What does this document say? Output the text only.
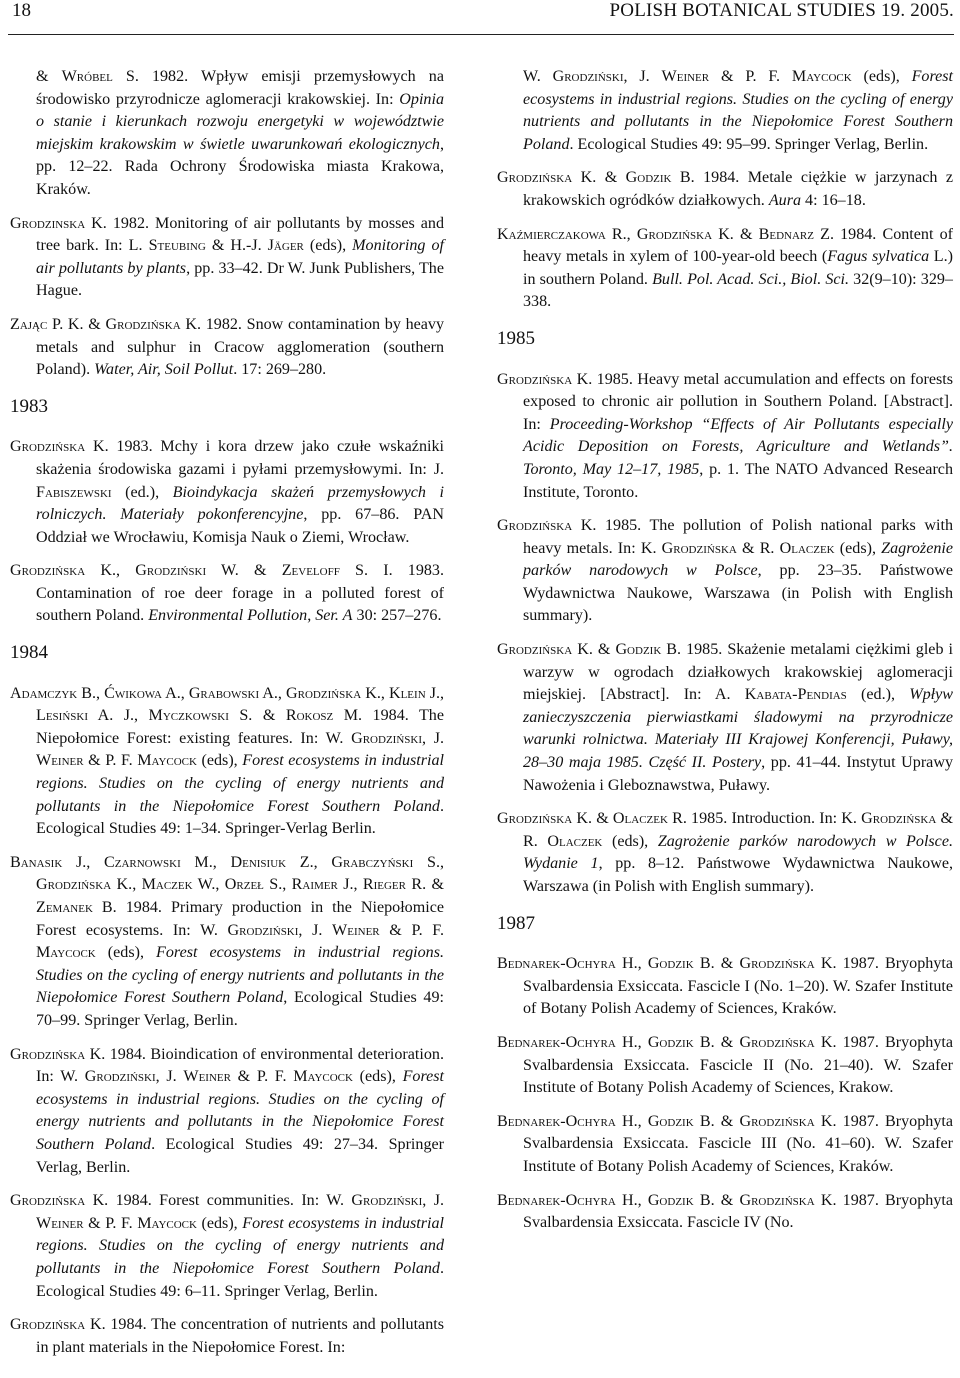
18	POLISH BOTANICAL STUDIES 19. 2005.
& Wróbel S. 1982. Wpływ emisji przemysłowych na środowisko przyrodnicze aglomeracji krakowskiej. In: Opinia o stanie i kierunkach rozwoju energetyki w województwie miejskim krakowskim w świetle uwarunkowań ekologicznych, pp. 12–22. Rada Ochrony Środowiska miasta Krakowa, Kraków.
Grodzinska K. 1982. Monitoring of air pollutants by mosses and tree bark. In: L. Steubing & H.-J. Jäger (eds), Monitoring of air pollutants by plants, pp. 33–42. Dr W. Junk Publishers, The Hague.
Zając P. K. & Grodzińska K. 1982. Snow contamination by heavy metals and sulphur in Cracow agglomeration (southern Poland). Water, Air, Soil Pollut. 17: 269–280.
1983
Grodzińska K. 1983. Mchy i kora drzew jako czułe wskaźniki skażenia środowiska gazami i pyłami przemysłowymi. In: J. Fabiszewski (ed.), Bioindykacja skażeń przemysłowych i rolniczych. Materiały pokonferencyjne, pp. 67–86. PAN Oddział we Wrocławiu, Komisja Nauk o Ziemi, Wrocław.
Grodzińska K., Grodziński W. & Zeveloff S. I. 1983. Contamination of roe deer forage in a polluted forest of southern Poland. Environmental Pollution, Ser. A 30: 257–276.
1984
Adamczyk B., Ćwikowa A., Grabowski A., Grodzińska K., Klein J., Lesiński A. J., Myczkowski S. & Rokosz M. 1984. The Niepołomice Forest: existing features. In: W. Grodziński, J. Weiner & P. F. Maycock (eds), Forest ecosystems in industrial regions. Studies on the cycling of energy nutrients and pollutants in the Niepołomice Forest Southern Poland. Ecological Studies 49: 1–34. Springer-Verlag Berlin.
Banasik J., Czarnowski M., Denisiuk Z., Grabczyński S., Grodzińska K., Maczek W., Orzeł S., Raimer J., Rieger R. & Zemanek B. 1984. Primary production in the Niepołomice Forest ecosystems. In: W. Grodziński, J. Weiner & P. F. Maycock (eds), Forest ecosystems in industrial regions. Studies on the cycling of energy nutrients and pollutants in the Niepołomice Forest Southern Poland, Ecological Studies 49: 70–99. Springer Verlag, Berlin.
Grodzińska K. 1984. Bioindication of environmental deterioration. In: W. Grodziński, J. Weiner & P. F. Maycock (eds), Forest ecosystems in industrial regions. Studies on the cycling of energy nutrients and pollutants in the Niepołomice Forest Southern Poland. Ecological Studies 49: 27–34. Springer Verlag, Berlin.
Grodzińska K. 1984. Forest communities. In: W. Grodziński, J. Weiner & P. F. Maycock (eds), Forest ecosystems in industrial regions. Studies on the cycling of energy nutrients and pollutants in the Niepołomice Forest Southern Poland. Ecological Studies 49: 6–11. Springer Verlag, Berlin.
Grodzińska K. 1984. The concentration of nutrients and pollutants in plant materials in the Niepołomice Forest. In:
W. Grodziński, J. Weiner & P. F. Maycock (eds), Forest ecosystems in industrial regions. Studies on the cycling of energy nutrients and pollutants in the Niepołomice Forest Southern Poland. Ecological Studies 49: 95–99. Springer Verlag, Berlin.
Grodzińska K. & Godzik B. 1984. Metale ciężkie w jarzynach z krakowskich ogródków działkowych. Aura 4: 16–18.
Kaźmierczakowa R., Grodzińska K. & Bednarz Z. 1984. Content of heavy metals in xylem of 100-year-old beech (Fagus sylvatica L.) in southern Poland. Bull. Pol. Acad. Sci., Biol. Sci. 32(9–10): 329–338.
1985
Grodzińska K. 1985. Heavy metal accumulation and effects on forests exposed to chronic air pollution in Southern Poland. [Abstract]. In: Proceeding-Workshop “Effects of Air Pollutants especially Acidic Deposition on Forests, Agriculture and Wetlands”. Toronto, May 12–17, 1985, p. 1. The NATO Advanced Research Institute, Toronto.
Grodzińska K. 1985. The pollution of Polish national parks with heavy metals. In: K. Grodzińska & R. Olaczek (eds), Zagrożenie parków narodowych w Polsce, pp. 23–35. Państwowe Wydawnictwa Naukowe, Warszawa (in Polish with English summary).
Grodzińska K. & Godzik B. 1985. Skażenie metalami ciężkimi gleb i warzyw w ogrodach działkowych krakowskiej aglomeracji miejskiej. [Abstract]. In: A. Kabata-Pendias (ed.), Wpływ zanieczyszczenia pierwiastkami śladowymi na przyrodnicze warunki rolnictwa. Materiały III Krajowej Konferencji, Puławy, 28–30 maja 1985. Część II. Postery, pp. 41–44. Instytut Uprawy Nawożenia i Gleboznawstwa, Puławy.
Grodzińska K. & Olaczek R. 1985. Introduction. In: K. Grodzińska & R. Olaczek (eds), Zagrożenie parków narodowych w Polsce. Wydanie 1, pp. 8–12. Państwowe Wydawnictwa Naukowe, Warszawa (in Polish with English summary).
1987
Bednarek-Ochyra H., Godzik B. & Grodzińska K. 1987. Bryophyta Svalbardensia Exsiccata. Fascicle I (No. 1–20). W. Szafer Institute of Botany Polish Academy of Sciences, Kraków.
Bednarek-Ochyra H., Godzik B. & Grodzińska K. 1987. Bryophyta Svalbardensia Exsiccata. Fascicle II (No. 21–40). W. Szafer Institute of Botany Polish Academy of Sciences, Krakow.
Bednarek-Ochyra H., Godzik B. & Grodzińska K. 1987. Bryophyta Svalbardensia Exsiccata. Fascicle III (No. 41–60). W. Szafer Institute of Botany Polish Academy of Sciences, Kraków.
Bednarek-Ochyra H., Godzik B. & Grodzińska K. 1987. Bryophyta Svalbardensia Exsiccata. Fascicle IV (No.
